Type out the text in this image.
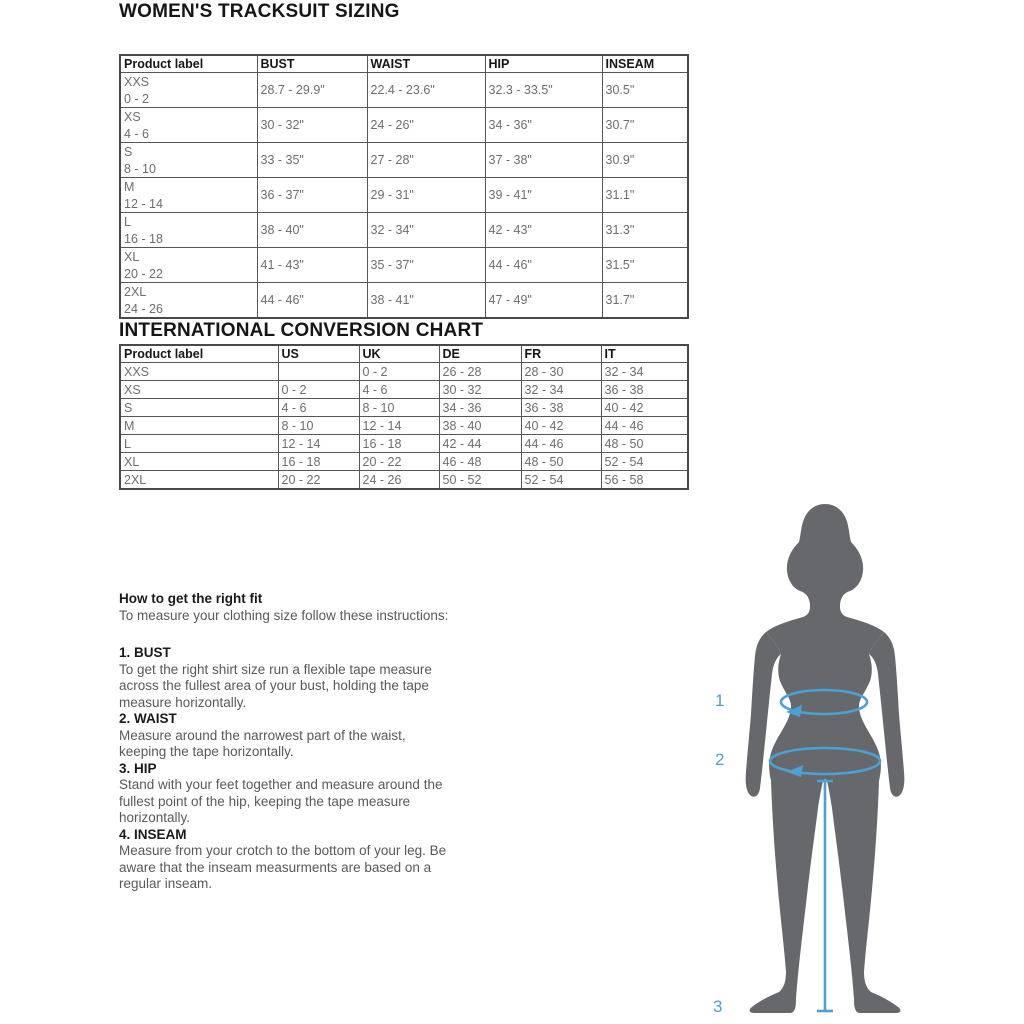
WOMEN'S TRACKSUIT SIZING
Product label	BUST	WAIST	HIP	INSEAM

XXS
0 - 2	28.7 - 29.9"	22.4 - 23.6"	32.3 - 33.5"	30.5"

XS
4 - 6	30 - 32"	24 - 26"	34 - 36"	30.7"

S
8 - 10	33 - 35"	27 - 28"	37 - 38"	30.9"

M
12 - 14	36 - 37"	29 - 31"	39 - 41"	31.1"

L
16 - 18	38 - 40"	32 - 34"	42 - 43"	31.3"

XL
20 - 22	41 - 43"	35 - 37"	44 - 46"	31.5"

2XL
24 - 26	44 - 46"	38 - 41"	47 - 49"	31.7"
INTERNATIONAL CONVERSION CHART
Product label	US	UK	DE	FR	IT
XXS		0 - 2	26 - 28	28 - 30	32 - 34
XS	0 - 2	4 - 6	30 - 32	32 - 34	36 - 38
S	4 - 6	8 - 10	34 - 36	36 - 38	40 - 42
M	8 - 10	12 - 14	38 - 40	40 - 42	44 - 46
L	12 - 14	16 - 18	42 - 44	44 - 46	48 - 50
XL	16 - 18	20 - 22	46 - 48	48 - 50	52 - 54
2XL	20 - 22	24 - 26	50 - 52	52 - 54	56 - 58
How to get the right fit
To measure your clothing size follow these instructions:
1. BUST
To get the right shirt size run a flexible tape measure across the fullest area of your bust, holding the tape measure horizontally.
2. WAIST
Measure around the narrowest part of the waist, keeping the tape horizontally.
3. HIP
Stand with your feet together and measure around the fullest point of the hip, keeping the tape measure horizontally.
4. INSEAM
Measure from your crotch to the bottom of your leg. Be aware that the inseam measurments are based on a regular inseam.
1
2
3
